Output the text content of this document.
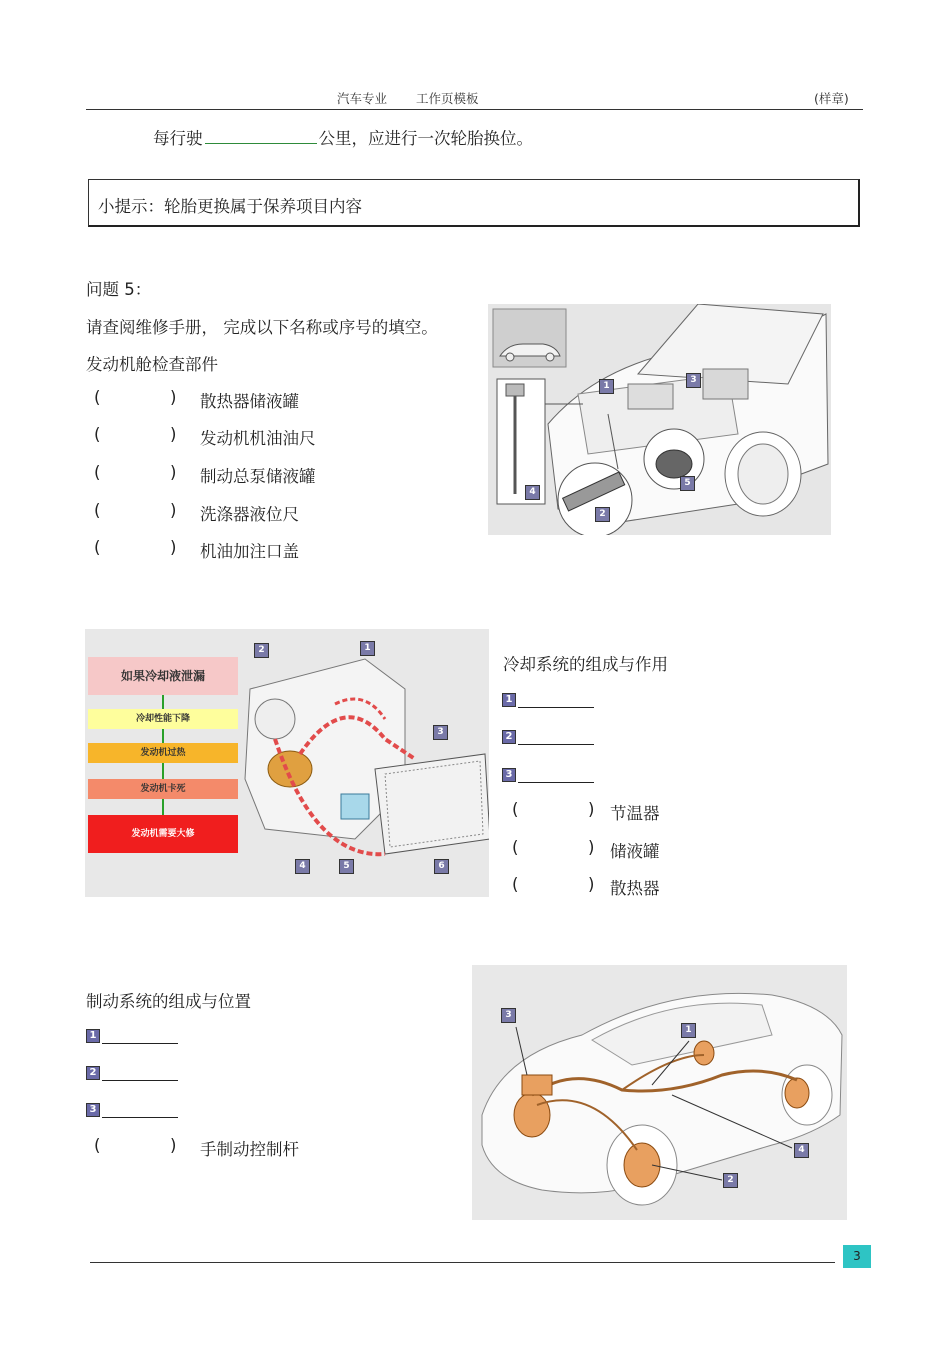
汽车专业 工作页模板	(样章)
每行驶	公里，应进行一次轮胎换位。
小提示：轮胎更换属于保养项目内容
问题 5：
请查阅维修手册， 完成以下名称或序号的填空。
发动机舱检查部件
(	) 散热器储液罐
(	) 发动机机油油尺
(	) 制动总泵储液罐
(	) 洗涤器液位尺
(	) 机油加注口盖
1
2
3
4
5
如果冷却液泄漏
冷却性能下降
发动机过热
发动机卡死
发动机需要大修
1
2
3
4	5	6
冷却系统的组成与作用
1
2
3
(	) 节温器
(	) 储液罐
(	) 散热器
制动系统的组成与位置
1
2
3
(	) 手制动控制杆
1
2
3
4
3
